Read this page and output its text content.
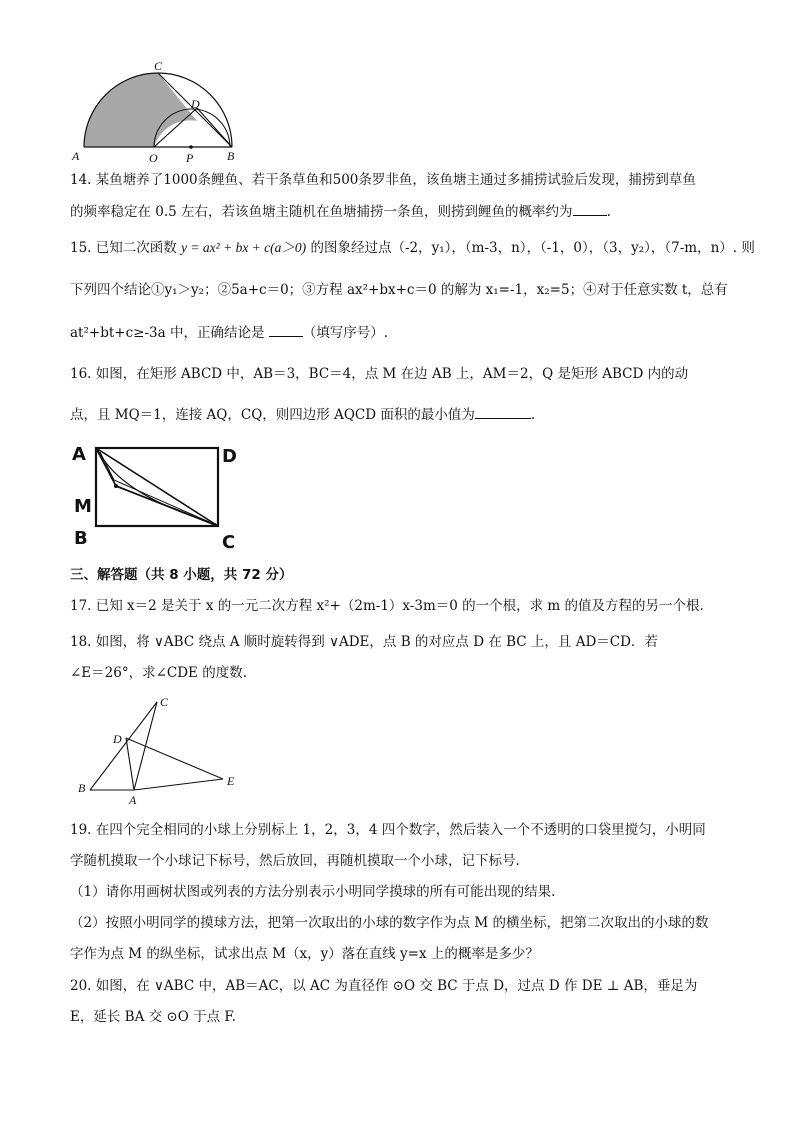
A
C
D
O P	B
14. 某鱼塘养了1000条鲤鱼、若干条草鱼和500条罗非鱼，该鱼塘主通过多捕捞试验后发现，捕捞到草鱼
的频率稳定在 0.5 左右，若该鱼塘主随机在鱼塘捕捞一条鱼，则捞到鲤鱼的概率约为	.
15. 已知二次函数 y = ax² + bx + c(a＞0) 的图象经过点（-2，y₁），（m-3，n），（-1，0），（3，y₂），（7-m，n）. 则
下列四个结论①y₁＞y₂；②5a+c＝0；③方程 ax²+bx+c＝0 的解为 x₁=-1，x₂=5；④对于任意实数 t，总有
at²+bt+c≥-3a 中，正确结论是	（填写序号）.
16. 如图，在矩形 ABCD 中，AB＝3，BC＝4，点 M 在边 AB 上，AM＝2，Q 是矩形 ABCD 内的动
点，且 MQ＝1，连接 AQ，CQ，则四边形 AQCD 面积的最小值为	.
A	D
M
B	C
三、解答题（共 8 小题，共 72 分）
17. 已知 x＝2 是关于 x 的一元二次方程 x²+（2m-1）x-3m＝0 的一个根，求 m 的值及方程的另一个根.
18. 如图，将 ∨ABC 绕点 A 顺时旋转得到 ∨ADE，点 B 的对应点 D 在 BC 上，且 AD＝CD．若
∠E＝26°，求∠CDE 的度数.
C
D
B
A
E
19. 在四个完全相同的小球上分别标上 1，2，3，4 四个数字，然后装入一个不透明的口袋里搅匀，小明同
学随机摸取一个小球记下标号，然后放回，再随机摸取一个小球，记下标号.
（1）请你用画树状图或列表的方法分别表示小明同学摸球的所有可能出现的结果.
（2）按照小明同学的摸球方法，把第一次取出的小球的数字作为点 M 的横坐标，把第二次取出的小球的数
字作为点 M 的纵坐标，试求出点 M（x，y）落在直线 y=x 上的概率是多少？
20. 如图，在 ∨ABC 中，AB＝AC，以 AC 为直径作 ⊙O 交 BC 于点 D，过点 D 作 DE ⊥ AB，垂足为
E，延长 BA 交 ⊙O 于点 F.
